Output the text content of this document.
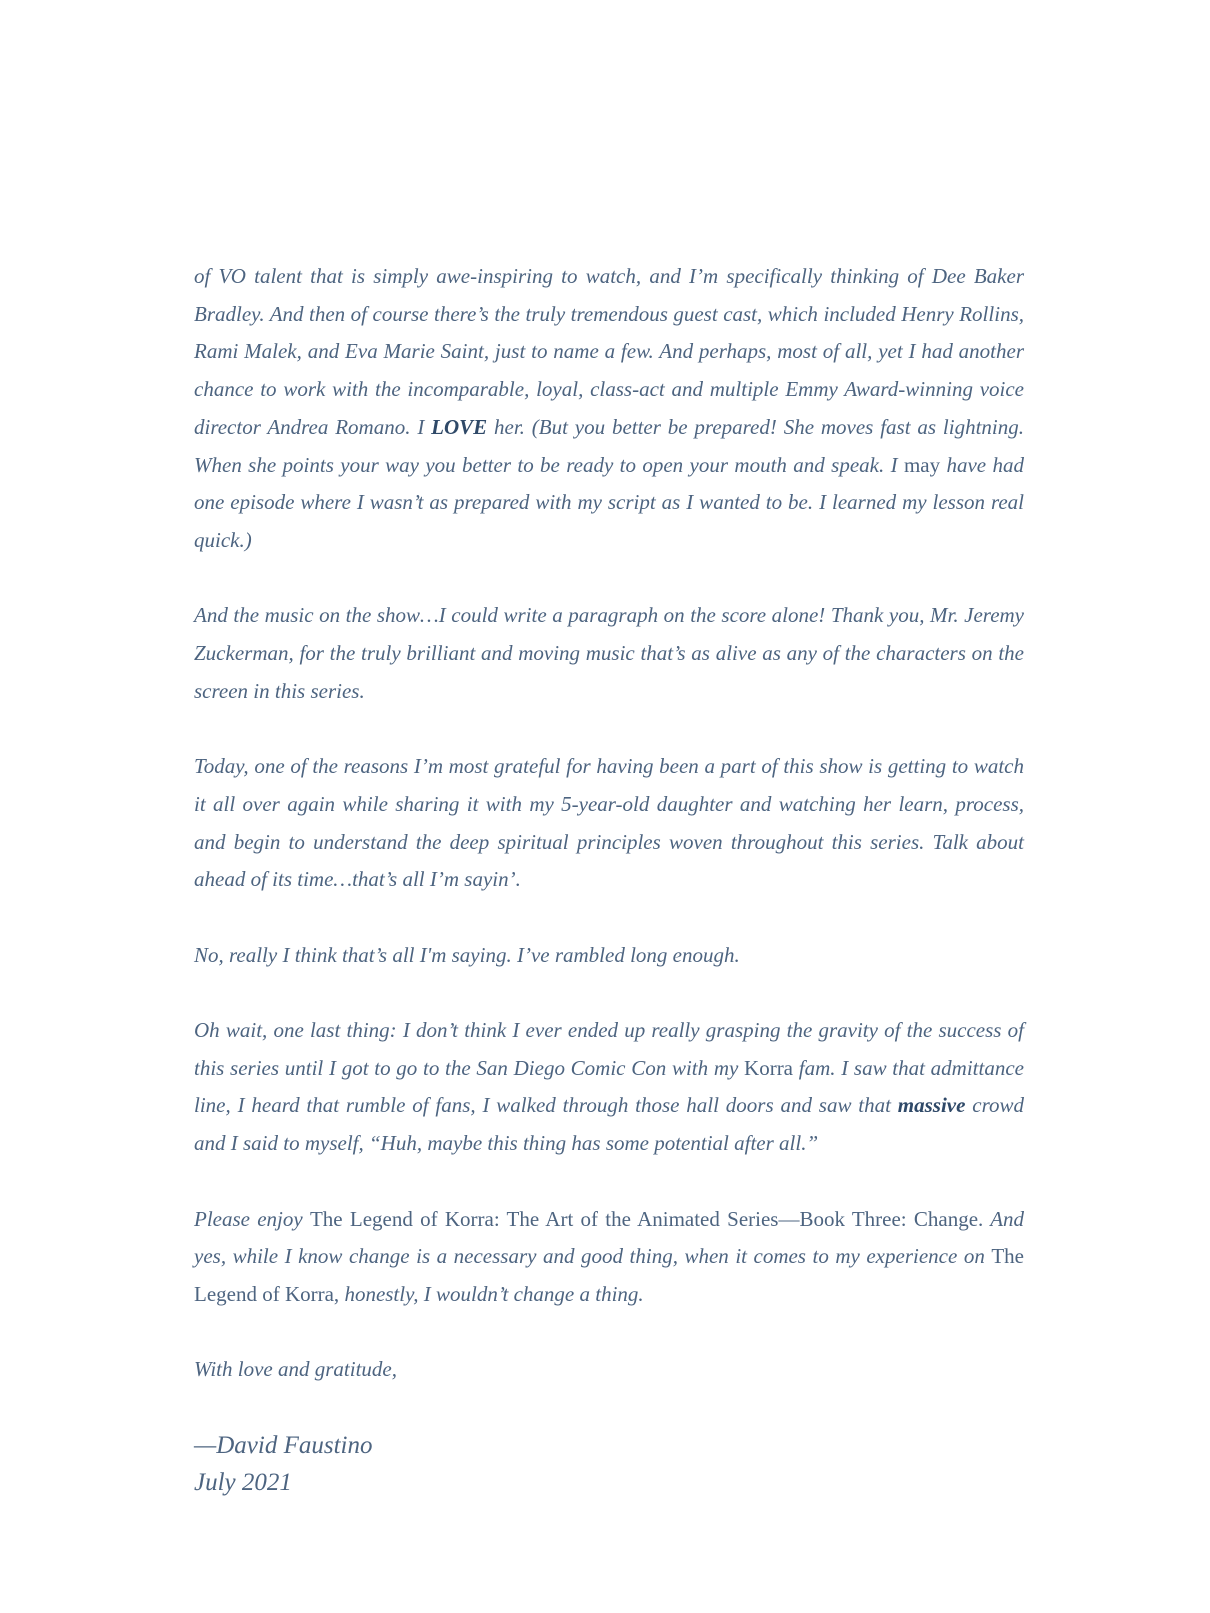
of VO talent that is simply awe-inspiring to watch, and I’m specifically thinking of Dee Baker Bradley. And then of course there’s the truly tremendous guest cast, which included Henry Rollins, Rami Malek, and Eva Marie Saint, just to name a few. And perhaps, most of all, yet I had another chance to work with the incomparable, loyal, class-act and multiple Emmy Award-winning voice director Andrea Romano. I LOVE her. (But you better be prepared! She moves fast as lightning. When she points your way you better to be ready to open your mouth and speak. I may have had one episode where I wasn’t as prepared with my script as I wanted to be. I learned my lesson real quick.)

And the music on the show…I could write a paragraph on the score alone! Thank you, Mr. Jeremy Zuckerman, for the truly brilliant and moving music that’s as alive as any of the characters on the screen in this series.

Today, one of the reasons I’m most grateful for having been a part of this show is getting to watch it all over again while sharing it with my 5-year-old daughter and watching her learn, process, and begin to understand the deep spiritual principles woven throughout this series. Talk about ahead of its time…that’s all I’m sayin’.

No, really I think that’s all I'm saying. I’ve rambled long enough.

Oh wait, one last thing: I don’t think I ever ended up really grasping the gravity of the success of this series until I got to go to the San Diego Comic Con with my Korra fam. I saw that admittance line, I heard that rumble of fans, I walked through those hall doors and saw that massive crowd and I said to myself, “Huh, maybe this thing has some potential after all.”

Please enjoy The Legend of Korra: The Art of the Animated Series—Book Three: Change. And yes, while I know change is a necessary and good thing, when it comes to my experience on The Legend of Korra, honestly, I wouldn’t change a thing.

With love and gratitude,

—David Faustino

July 2021
